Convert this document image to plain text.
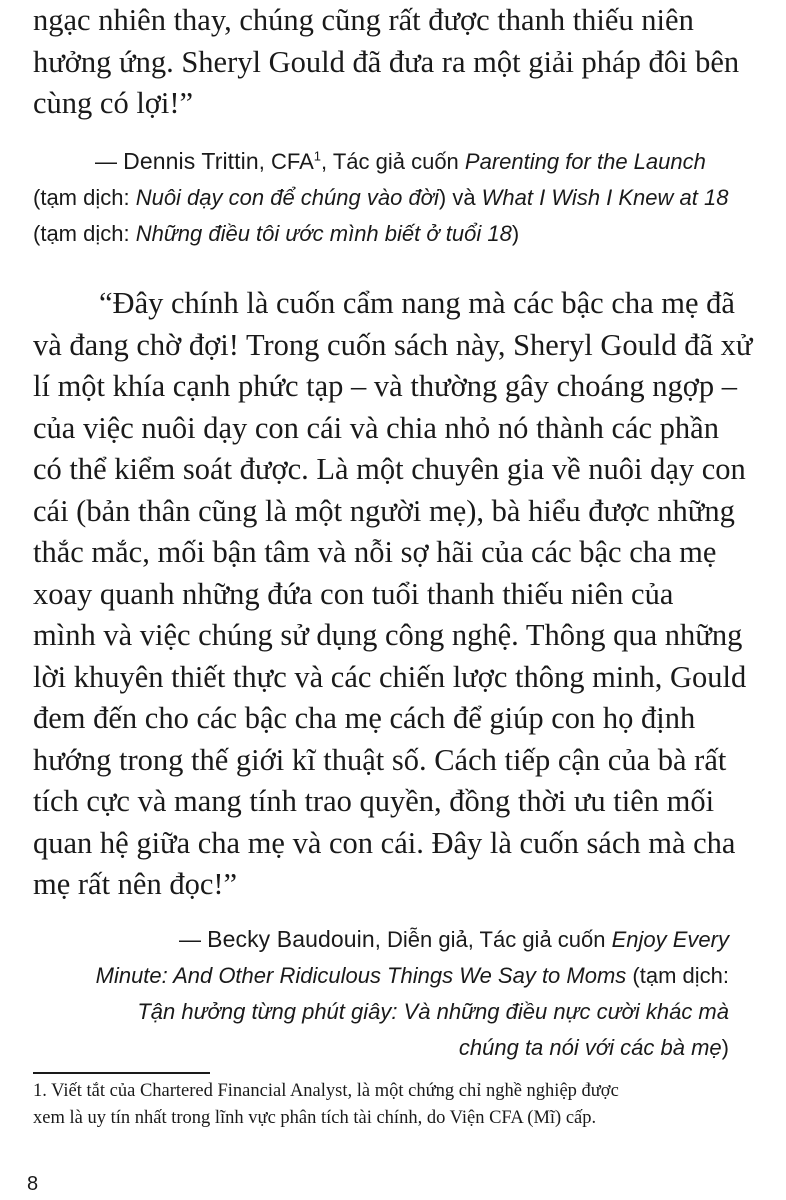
ngạc nhiên thay, chúng cũng rất được thanh thiếu niên
hưởng ứng. Sheryl Gould đã đưa ra một giải pháp đôi bên
cùng có lợi!”
— Dennis Trittin, CFA$^1$, Tác giả cuốn Parenting for the Launch
(tạm dịch: Nuôi dạy con để chúng vào đời) và What I Wish I Knew at 18
(tạm dịch: Những điều tôi ước mình biết ở tuổi 18)
“Đây chính là cuốn cẩm nang mà các bậc cha mẹ đã
và đang chờ đợi! Trong cuốn sách này, Sheryl Gould đã xử
lí một khía cạnh phức tạp – và thường gây choáng ngợp –
của việc nuôi dạy con cái và chia nhỏ nó thành các phần
có thể kiểm soát được. Là một chuyên gia về nuôi dạy con
cái (bản thân cũng là một người mẹ), bà hiểu được những
thắc mắc, mối bận tâm và nỗi sợ hãi của các bậc cha mẹ
xoay quanh những đứa con tuổi thanh thiếu niên của
mình và việc chúng sử dụng công nghệ. Thông qua những
lời khuyên thiết thực và các chiến lược thông minh, Gould
đem đến cho các bậc cha mẹ cách để giúp con họ định
hướng trong thế giới kĩ thuật số. Cách tiếp cận của bà rất
tích cực và mang tính trao quyền, đồng thời ưu tiên mối
quan hệ giữa cha mẹ và con cái. Đây là cuốn sách mà cha
mẹ rất nên đọc!”
— Becky Baudouin, Diễn giả, Tác giả cuốn Enjoy Every
Minute: And Other Ridiculous Things We Say to Moms (tạm dịch:
Tận hưởng từng phút giây: Và những điều nực cười khác mà
chúng ta nói với các bà mẹ)
1. Viết tắt của Chartered Financial Analyst, là một chứng chỉ nghề nghiệp được
xem là uy tín nhất trong lĩnh vực phân tích tài chính, do Viện CFA (Mĩ) cấp.
8
